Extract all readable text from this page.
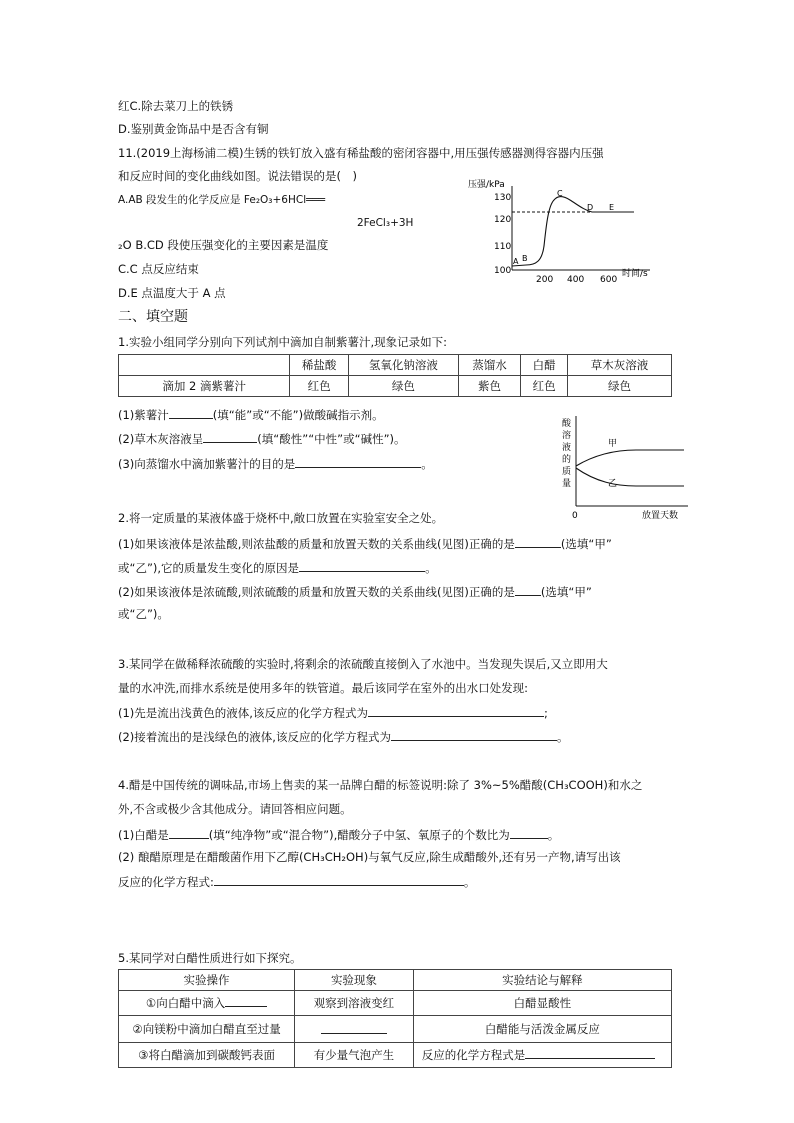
红C.除去菜刀上的铁锈
D.鉴别黄金饰品中是否含有铜
11.(2019上海杨浦二模)生锈的铁钉放入盛有稀盐酸的密闭容器中,用压强传感器测得容器内压强
和反应时间的变化曲线如图。说法错误的是(　)
A.AB 段发生的化学反应是 Fe₂O₃+6HCl═══
2FeCl₃+3H
₂O B.CD 段使压强变化的主要因素是温度
C.C 点反应结束
D.E 点温度大于 A 点
压强/kPa
130
120
110
100
200 400 600
时间/s
A B
C
D E
二、填空题
1.实验小组同学分别向下列试剂中滴加自制紫薯汁,现象记录如下:
	稀盐酸	氢氧化钠溶液	蒸馏水	白醋	草木灰溶液
滴加 2 滴紫薯汁	红色	绿色	紫色	红色	绿色
(1)紫薯汁	(填“能”或“不能”)做酸碱指示剂。
(2)草木灰溶液呈	(填“酸性”“中性”或“碱性”)。
(3)向蒸馏水中滴加紫薯汁的目的是	。
酸
溶
液
的
质
量
0	放置天数
甲
乙
2.将一定质量的某液体盛于烧杯中,敞口放置在实验室安全之处。
(1)如果该液体是浓盐酸,则浓盐酸的质量和放置天数的关系曲线(见图)正确的是	(选填“甲”
或“乙”),它的质量发生变化的原因是	。
(2)如果该液体是浓硫酸,则浓硫酸的质量和放置天数的关系曲线(见图)正确的是 (选填“甲”
或“乙”)。
3.某同学在做稀释浓硫酸的实验时,将剩余的浓硫酸直接倒入了水池中。当发现失误后,又立即用大
量的水冲洗,而排水系统是使用多年的铁管道。最后该同学在室外的出水口处发现:
(1)先是流出浅黄色的液体,该反应的化学方程式为	;
(2)接着流出的是浅绿色的液体,该反应的化学方程式为	。
4.醋是中国传统的调味品,市场上售卖的某一品牌白醋的标签说明:除了 3%~5%醋酸(CH₃COOH)和水之
外,不含或极少含其他成分。请回答相应问题。
(1)白醋是	(填“纯净物”或“混合物”),醋酸分子中氢、氧原子的个数比为	。
(2) 酿醋原理是在醋酸菌作用下乙醇(CH₃CH₂OH)与氧气反应,除生成醋酸外,还有另一产物,请写出该
反应的化学方程式:	。
5.某同学对白醋性质进行如下探究。
实验操作	实验现象	实验结论与解释
①向白醋中滴入	观察到溶液变红	白醋显酸性
②向镁粉中滴加白醋直至过量		白醋能与活泼金属反应
③将白醋滴加到碳酸钙表面	有少量气泡产生	反应的化学方程式是
